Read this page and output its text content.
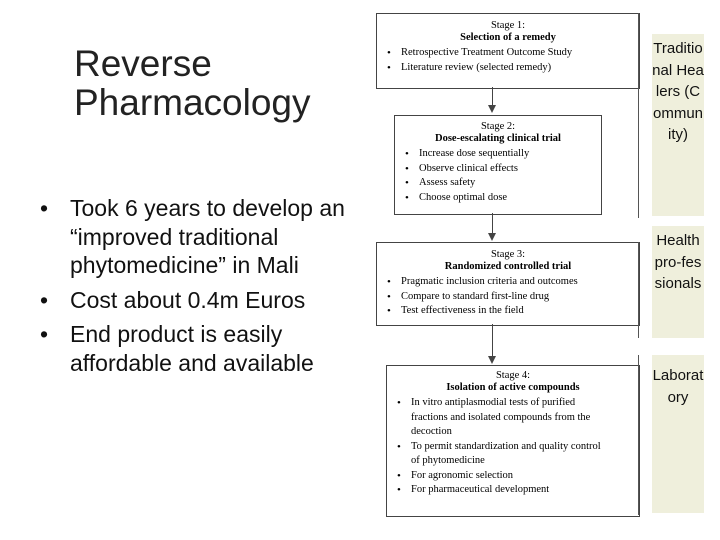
Reverse Pharmacology
• Took 6 years to develop an “improved traditional phytomedicine” in Mali
• Cost about 0.4m Euros
• End product is easily affordable and available
Stage 1:
Selection of a remedy
• Retrospective Treatment Outcome Study
• Literature review (selected remedy)
Stage 2:
Dose-escalating clinical trial
• Increase dose sequentially
• Observe clinical effects
• Assess safety
• Choose optimal dose
Stage 3:
Randomized controlled trial
• Pragmatic inclusion criteria and outcomes
• Compare to standard first-line drug
• Test effectiveness in the field
Stage 4:
Isolation of active compounds
• In vitro antiplasmodial tests of purified fractions and isolated compounds from the decoction
• To permit standardization and quality control of phytomedicine
• For agronomic selection
• For pharmaceutical development
Traditional Healers (Community)
Health pro-fessionals
Laboratory
